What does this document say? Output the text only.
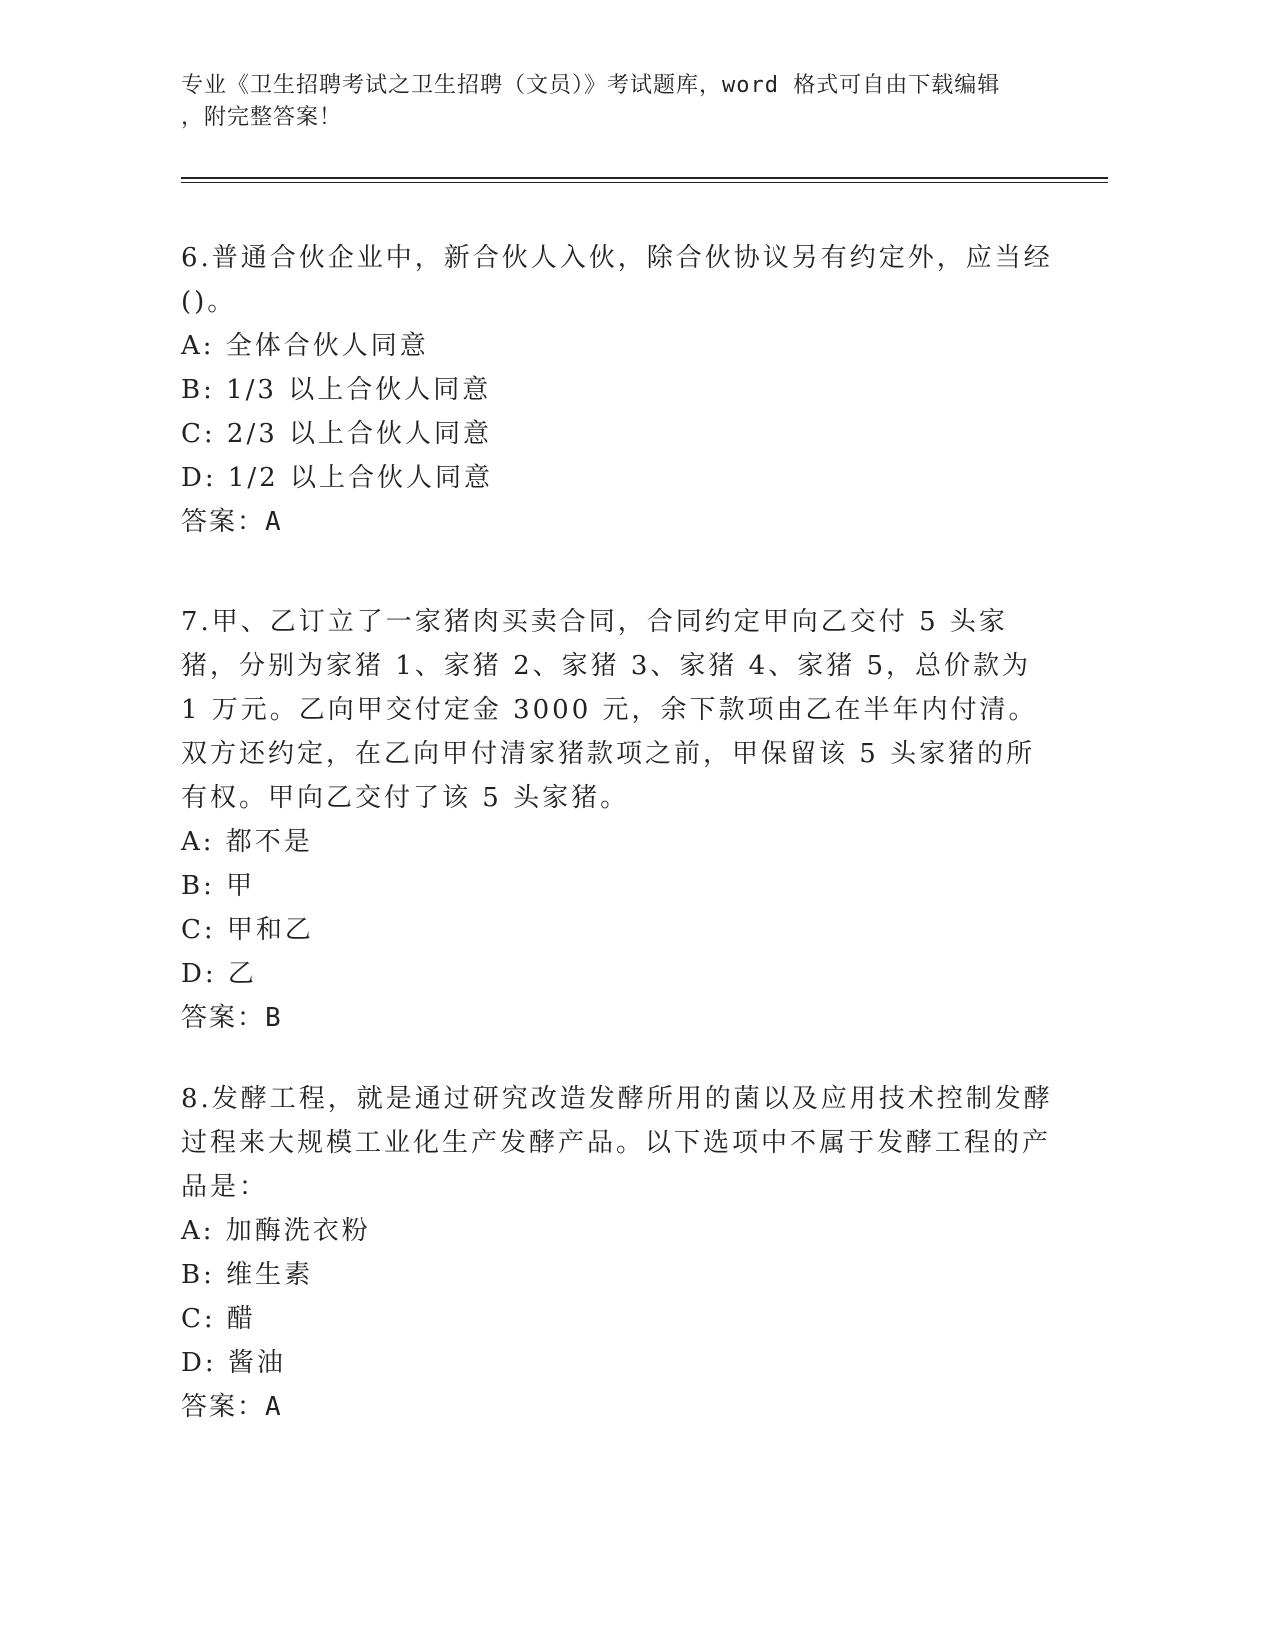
专业《卫生招聘考试之卫生招聘（文员）》考试题库，word 格式可自由下载编辑
，附完整答案！

6.普通合伙企业中，新合伙人入伙，除合伙协议另有约定外，应当经()。

A: 全体合伙人同意

B: 1/3 以上合伙人同意

C: 2/3 以上合伙人同意

D: 1/2 以上合伙人同意

答案：A

7.甲、乙订立了一家猪肉买卖合同，合同约定甲向乙交付 5 头家猪，分别为家猪 1、家猪 2、家猪 3、家猪 4、家猪 5，总价款为 1 万元。乙向甲交付定金 3000 元，余下款项由乙在半年内付清。双方还约定，在乙向甲付清家猪款项之前，甲保留该 5 头家猪的所有权。甲向乙交付了该 5 头家猪。

A: 都不是

B: 甲

C: 甲和乙

D: 乙

答案：B

8.发酵工程，就是通过研究改造发酵所用的菌以及应用技术控制发酵过程来大规模工业化生产发酵产品。以下选项中不属于发酵工程的产品是：

A: 加酶洗衣粉

B: 维生素

C: 醋

D: 酱油

答案：A
